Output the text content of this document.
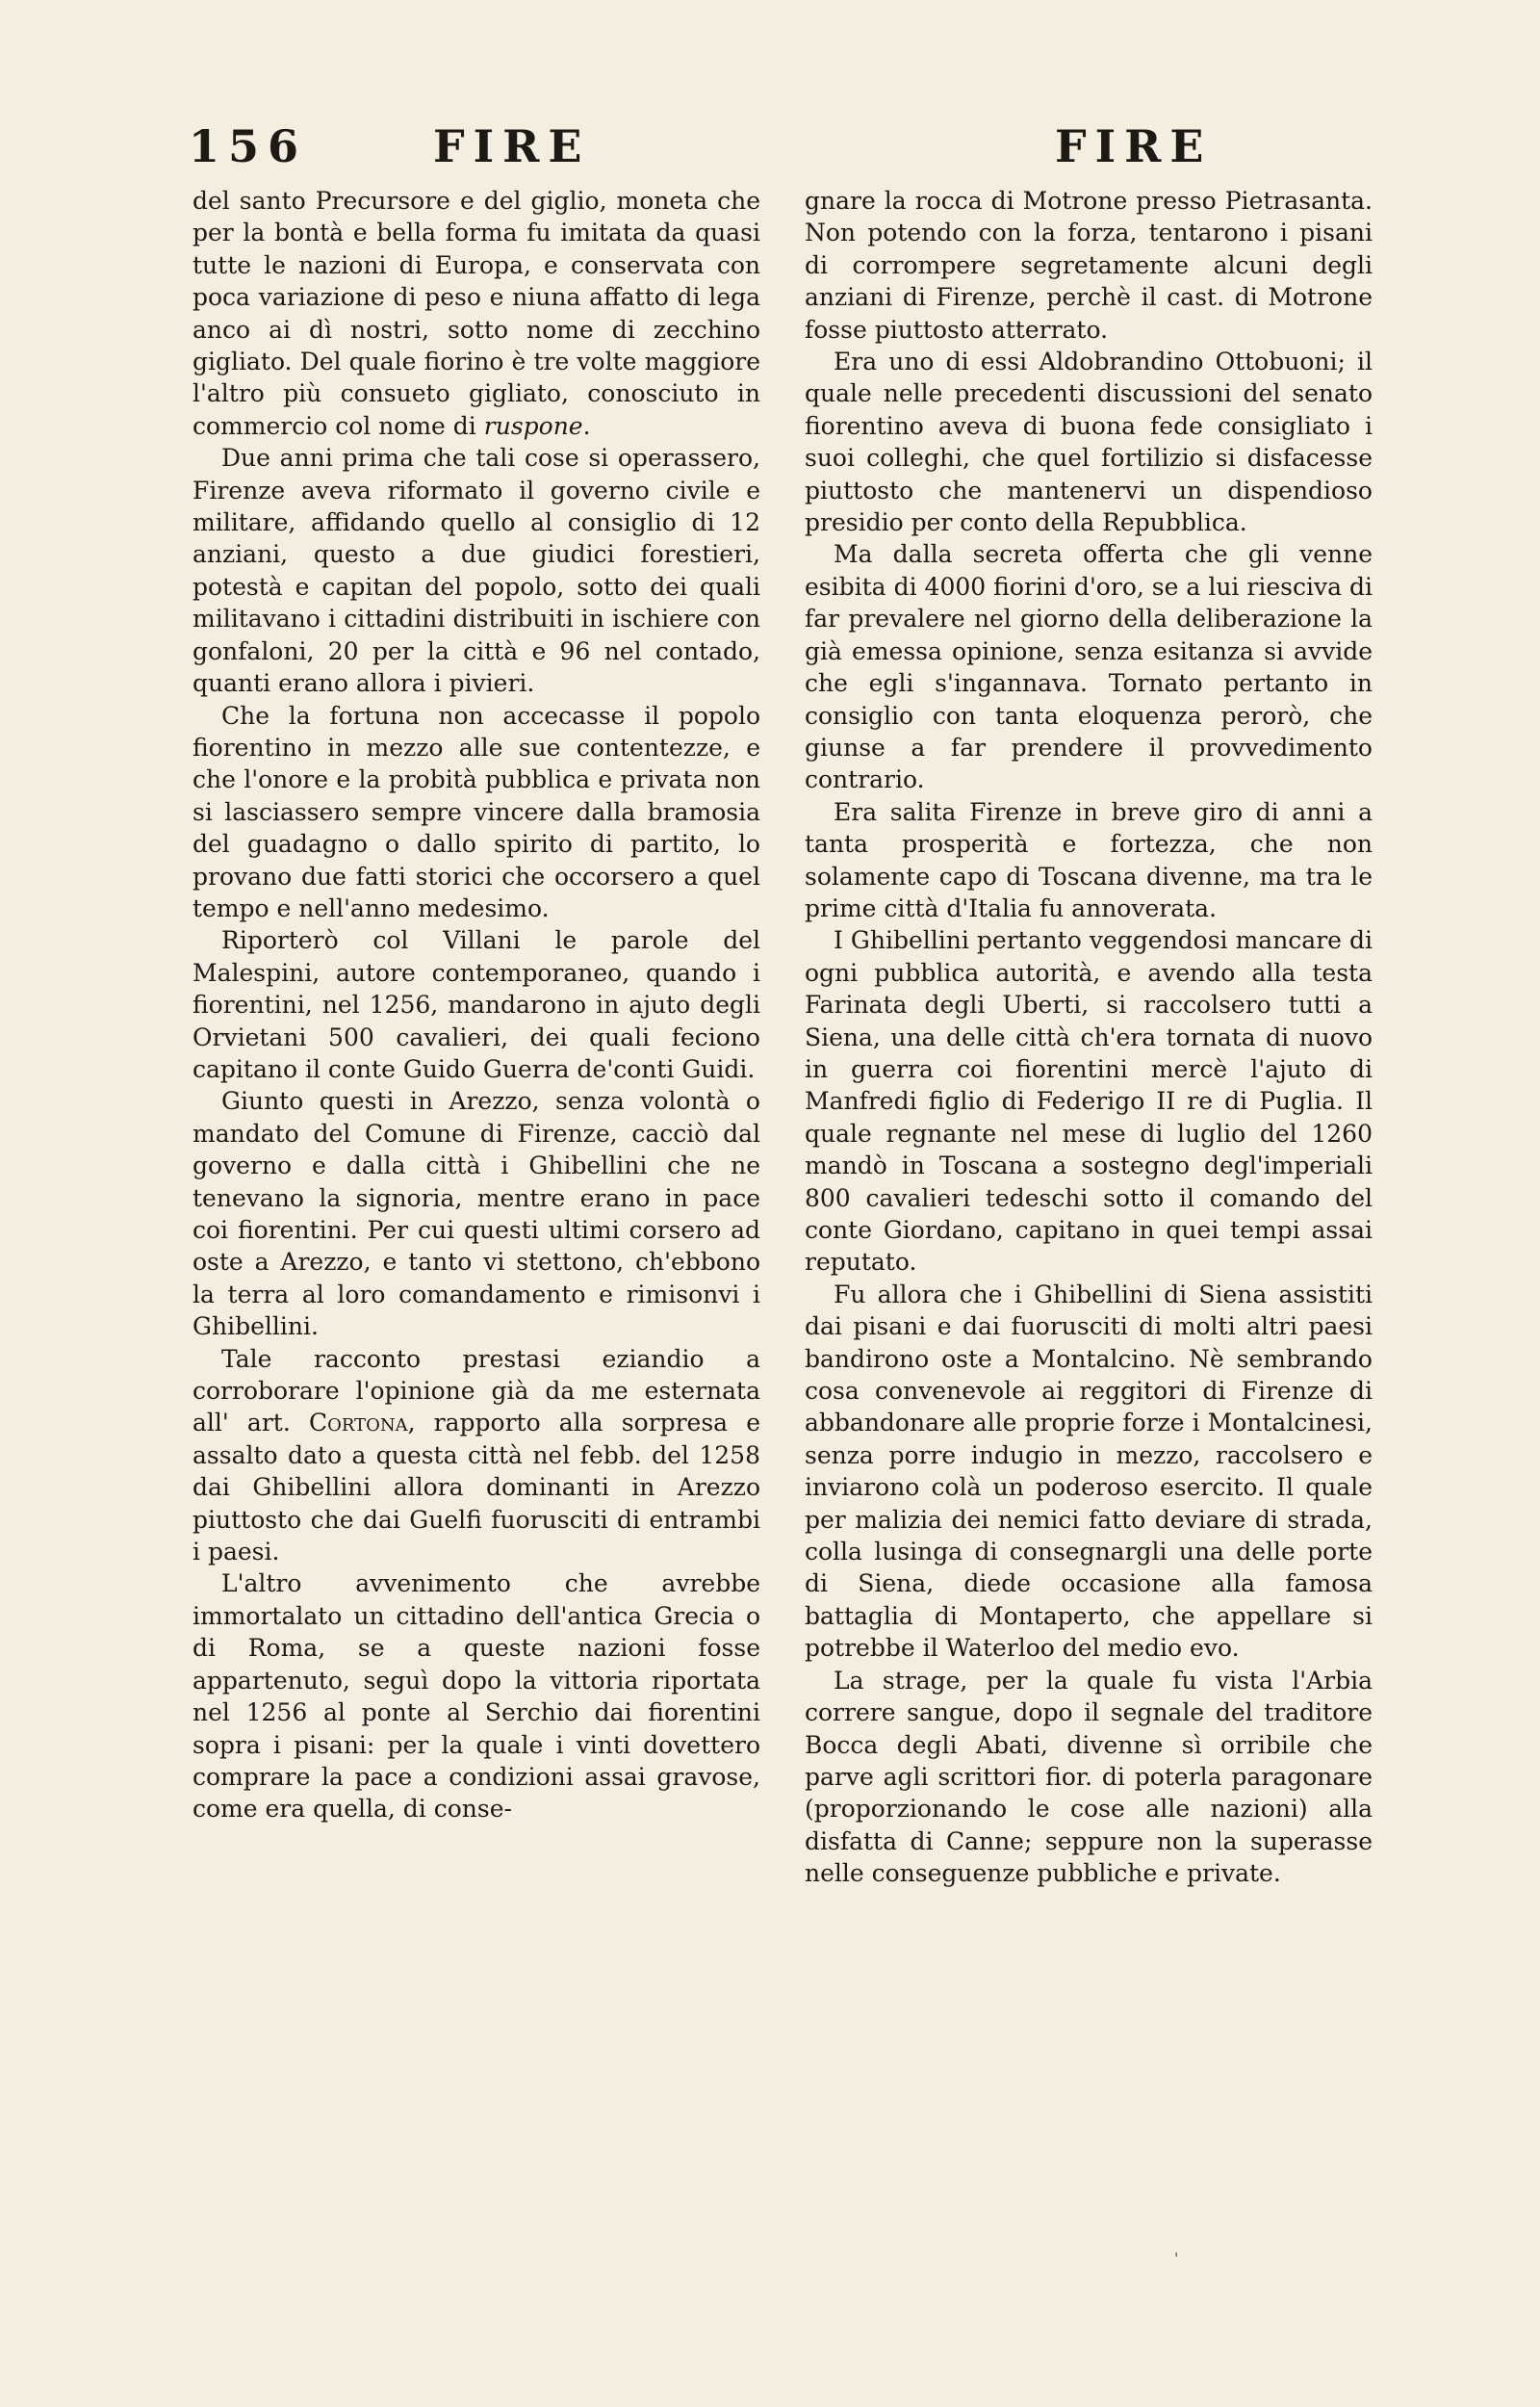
156	FIRE	FIRE

del santo Precursore e del giglio, moneta che per la bontà e bella forma fu imitata da quasi tutte le nazioni di Europa, e conservata con poca variazione di peso e niuna affatto di lega anco ai dì nostri, sotto nome di zecchino gigliato. Del quale fiorino è tre volte maggiore l'altro più consueto gigliato, conosciuto in commercio col nome di ruspone.

Due anni prima che tali cose si operassero, Firenze aveva riformato il governo civile e militare, affidando quello al consiglio di 12 anziani, questo a due giudici forestieri, potestà e capitan del popolo, sotto dei quali militavano i cittadini distribuiti in ischiere con gonfaloni, 20 per la città e 96 nel contado, quanti erano allora i pivieri.

Che la fortuna non accecasse il popolo fiorentino in mezzo alle sue contentezze, e che l'onore e la probità pubblica e privata non si lasciassero sempre vincere dalla bramosia del guadagno o dallo spirito di partito, lo provano due fatti storici che occorsero a quel tempo e nell'anno medesimo.

Riporterò col Villani le parole del Malespini, autore contemporaneo, quando i fiorentini, nel 1256, mandarono in ajuto degli Orvietani 500 cavalieri, dei quali feciono capitano il conte Guido Guerra de'conti Guidi.

Giunto questi in Arezzo, senza volontà o mandato del Comune di Firenze, cacciò dal governo e dalla città i Ghibellini che ne tenevano la signoria, mentre erano in pace coi fiorentini. Per cui questi ultimi corsero ad oste a Arezzo, e tanto vi stettono, ch'ebbono la terra al loro comandamento e rimisonvi i Ghibellini.

Tale racconto prestasi eziandio a corroborare l'opinione già da me esternata all' art. Cortona, rapporto alla sorpresa e assalto dato a questa città nel febb. del 1258 dai Ghibellini allora dominanti in Arezzo piuttosto che dai Guelfi fuorusciti di entrambi i paesi.

L'altro avvenimento che avrebbe immortalato un cittadino dell'antica Grecia o di Roma, se a queste nazioni fosse appartenuto, seguì dopo la vittoria riportata nel 1256 al ponte al Serchio dai fiorentini sopra i pisani: per la quale i vinti dovettero comprare la pace a condizioni assai gravose, come era quella, di conse-

gnare la rocca di Motrone presso Pietrasanta. Non potendo con la forza, tentarono i pisani di corrompere segretamente alcuni degli anziani di Firenze, perchè il cast. di Motrone fosse piuttosto atterrato.

Era uno di essi Aldobrandino Ottobuoni; il quale nelle precedenti discussioni del senato fiorentino aveva di buona fede consigliato i suoi colleghi, che quel fortilizio si disfacesse piuttosto che mantenervi un dispendioso presidio per conto della Repubblica.

Ma dalla secreta offerta che gli venne esibita di 4000 fiorini d'oro, se a lui riesciva di far prevalere nel giorno della deliberazione la già emessa opinione, senza esitanza si avvide che egli s'ingannava. Tornato pertanto in consiglio con tanta eloquenza perorò, che giunse a far prendere il provvedimento contrario.

Era salita Firenze in breve giro di anni a tanta prosperità e fortezza, che non solamente capo di Toscana divenne, ma tra le prime città d'Italia fu annoverata.

I Ghibellini pertanto veggendosi mancare di ogni pubblica autorità, e avendo alla testa Farinata degli Uberti, si raccolsero tutti a Siena, una delle città ch'era tornata di nuovo in guerra coi fiorentini mercè l'ajuto di Manfredi figlio di Federigo II re di Puglia. Il quale regnante nel mese di luglio del 1260 mandò in Toscana a sostegno degl'imperiali 800 cavalieri tedeschi sotto il comando del conte Giordano, capitano in quei tempi assai reputato.

Fu allora che i Ghibellini di Siena assistiti dai pisani e dai fuorusciti di molti altri paesi bandirono oste a Montalcino. Nè sembrando cosa convenevole ai reggitori di Firenze di abbandonare alle proprie forze i Montalcinesi, senza porre indugio in mezzo, raccolsero e inviarono colà un poderoso esercito. Il quale per malizia dei nemici fatto deviare di strada, colla lusinga di consegnargli una delle porte di Siena, diede occasione alla famosa battaglia di Montaperto, che appellare si potrebbe il Waterloo del medio evo.

La strage, per la quale fu vista l'Arbia correre sangue, dopo il segnale del traditore Bocca degli Abati, divenne sì orribile che parve agli scrittori fior. di poterla paragonare (proporzionando le cose alle nazioni) alla disfatta di Canne; seppure non la superasse nelle conseguenze pubbliche e private.

'
